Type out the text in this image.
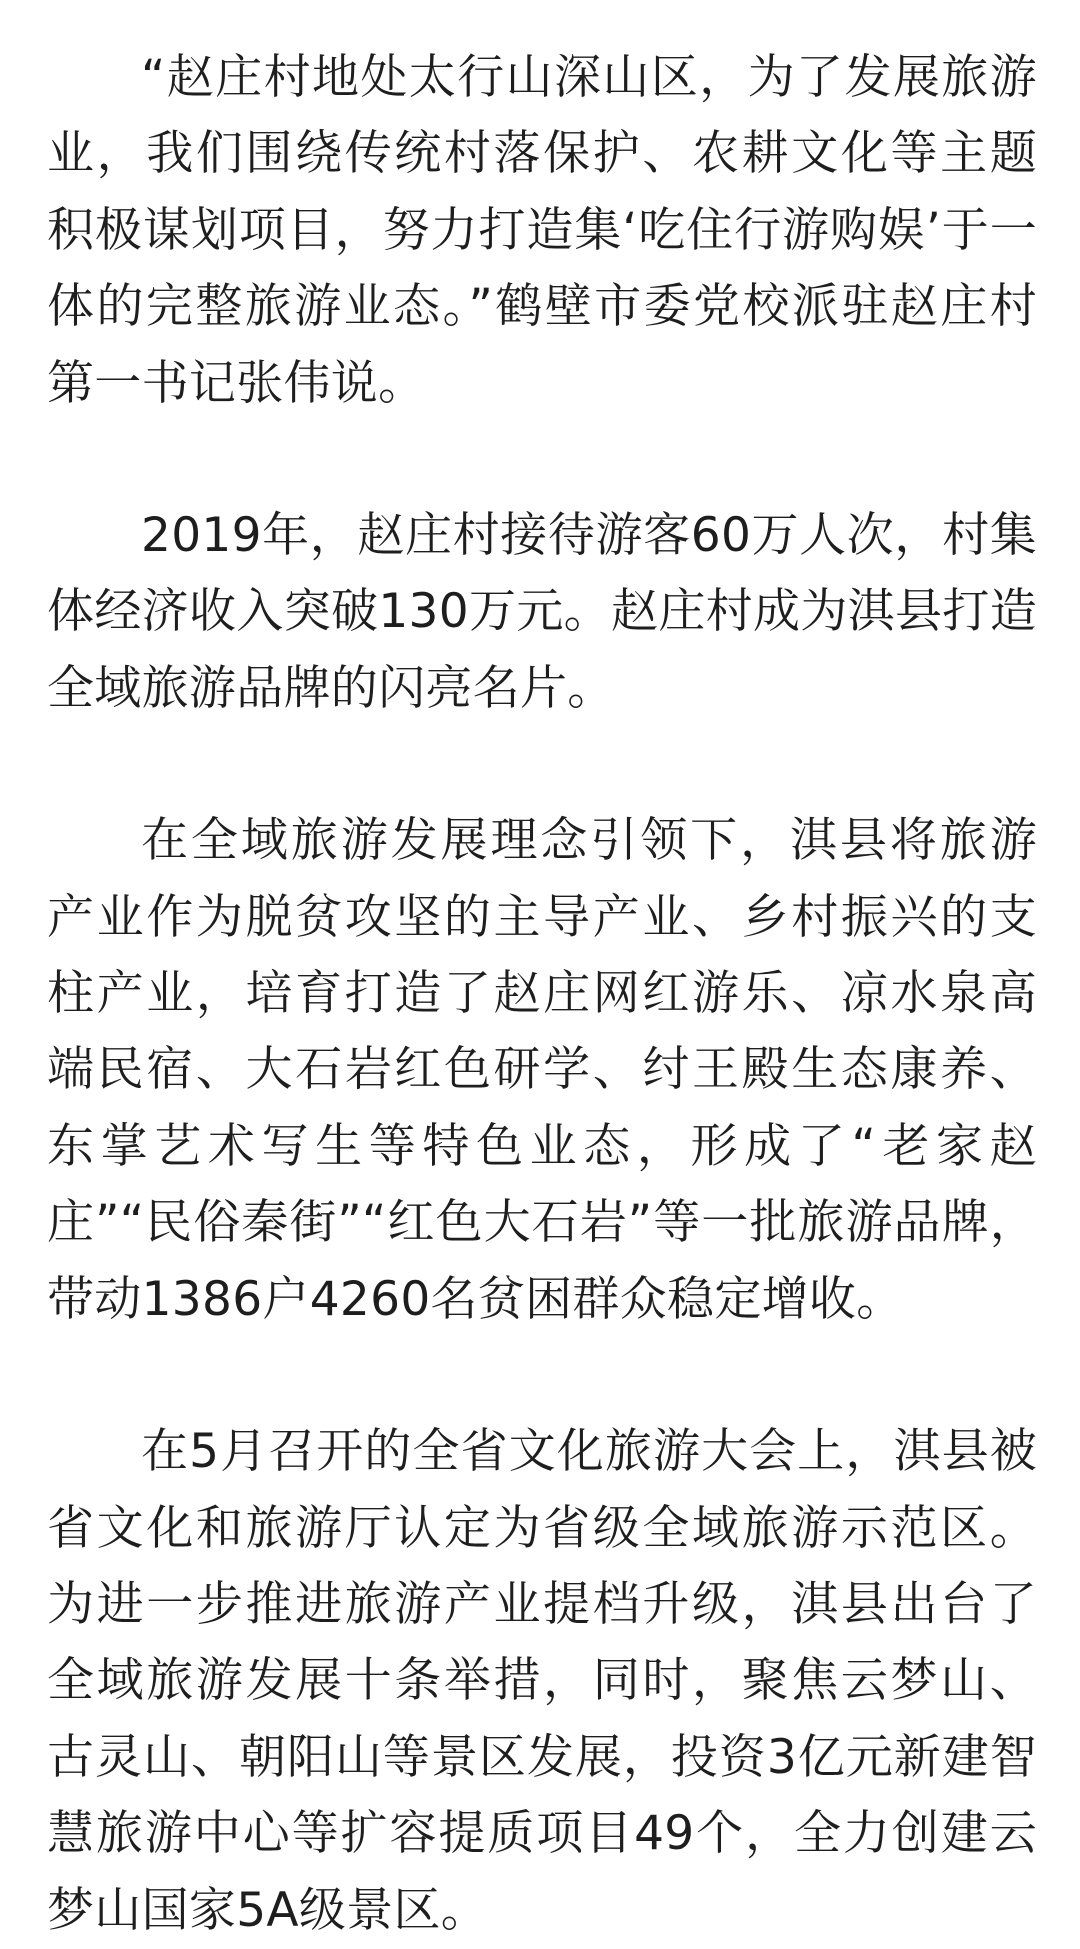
“赵庄村地处太行山深山区，为了发展旅游业，我们围绕传统村落保护、农耕文化等主题积极谋划项目，努力打造集‘吃住行游购娱’于一体的完整旅游业态。”鹤壁市委党校派驻赵庄村第一书记张伟说。

2019年，赵庄村接待游客60万人次，村集体经济收入突破130万元。赵庄村成为淇县打造全域旅游品牌的闪亮名片。

在全域旅游发展理念引领下，淇县将旅游产业作为脱贫攻坚的主导产业、乡村振兴的支柱产业，培育打造了赵庄网红游乐、凉水泉高端民宿、大石岩红色研学、纣王殿生态康养、东掌艺术写生等特色业态，形成了“老家赵庄”“民俗秦街”“红色大石岩”等一批旅游品牌，带动1386户4260名贫困群众稳定增收。

在5月召开的全省文化旅游大会上，淇县被省文化和旅游厅认定为省级全域旅游示范区。为进一步推进旅游产业提档升级，淇县出台了全域旅游发展十条举措，同时，聚焦云梦山、古灵山、朝阳山等景区发展，投资3亿元新建智慧旅游中心等扩容提质项目49个，全力创建云梦山国家5A级景区。
